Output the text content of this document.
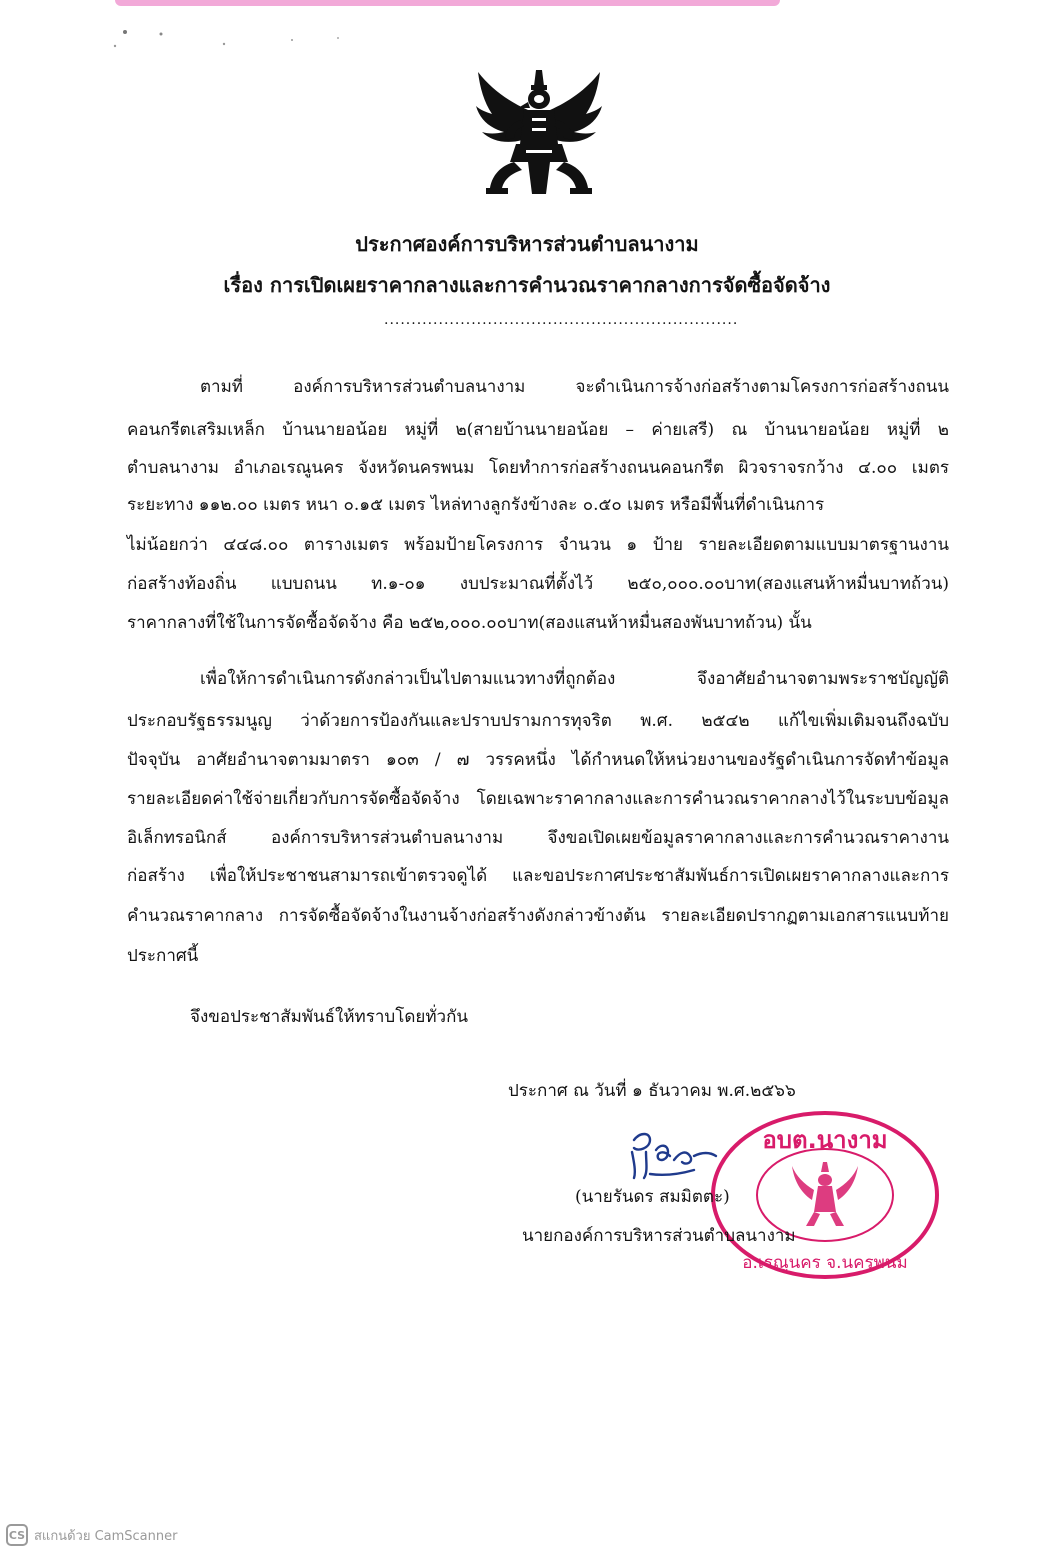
ประกาศองค์การบริหารส่วนตำบลนางาม
เรื่อง การเปิดเผยราคากลางและการคำนวณราคากลางการจัดซื้อจัดจ้าง
.................................................................
ตามที่ องค์การบริหารส่วนตำบลนางาม จะดำเนินการจ้างก่อสร้างตามโครงการก่อสร้างถนน
คอนกรีตเสริมเหล็ก บ้านนายอน้อย หมู่ที่ ๒(สายบ้านนายอน้อย – ค่ายเสรี) ณ บ้านนายอน้อย หมู่ที่ ๒
ตำบลนางาม อำเภอเรณูนคร จังหวัดนครพนม โดยทำการก่อสร้างถนนคอนกรีต ผิวจราจรกว้าง ๔.๐๐ เมตร
ระยะทาง ๑๑๒.๐๐ เมตร หนา ๐.๑๕ เมตร ไหล่ทางลูกรังข้างละ ๐.๕๐ เมตร หรือมีพื้นที่ดำเนินการ
ไม่น้อยกว่า ๔๔๘.๐๐ ตารางเมตร พร้อมป้ายโครงการ จำนวน ๑ ป้าย รายละเอียดตามแบบมาตรฐานงาน
ก่อสร้างท้องถิ่น แบบถนน ท.๑-๐๑ งบประมาณที่ตั้งไว้ ๒๕๐,๐๐๐.๐๐บาท(สองแสนห้าหมื่นบาทถ้วน)
ราคากลางที่ใช้ในการจัดซื้อจัดจ้าง คือ ๒๕๒,๐๐๐.๐๐บาท(สองแสนห้าหมื่นสองพันบาทถ้วน) นั้น
เพื่อให้การดำเนินการดังกล่าวเป็นไปตามแนวทางที่ถูกต้อง จึงอาศัยอำนาจตามพระราชบัญญัติ
ประกอบรัฐธรรมนูญ ว่าด้วยการป้องกันและปราบปรามการทุจริต พ.ศ. ๒๕๔๒ แก้ไขเพิ่มเติมจนถึงฉบับ
ปัจจุบัน อาศัยอำนาจตามมาตรา ๑๐๓ / ๗ วรรคหนึ่ง ได้กำหนดให้หน่วยงานของรัฐดำเนินการจัดทำข้อมูล
รายละเอียดค่าใช้จ่ายเกี่ยวกับการจัดซื้อจัดจ้าง โดยเฉพาะราคากลางและการคำนวณราคากลางไว้ในระบบข้อมูล
อิเล็กทรอนิกส์ องค์การบริหารส่วนตำบลนางาม จึงขอเปิดเผยข้อมูลราคากลางและการคำนวณราคางาน
ก่อสร้าง เพื่อให้ประชาชนสามารถเข้าตรวจดูได้ และขอประกาศประชาสัมพันธ์การเปิดเผยราคากลางและการ
คำนวณราคากลาง การจัดซื้อจัดจ้างในงานจ้างก่อสร้างดังกล่าวข้างต้น รายละเอียดปรากฏตามเอกสารแนบท้าย
ประกาศนี้
จึงขอประชาสัมพันธ์ให้ทราบโดยทั่วกัน
ประกาศ ณ วันที่ ๑ ธันวาคม พ.ศ.๒๕๖๖
อบต.นางาม
อ.เรณูนคร จ.นครพนม
(นายรันดร สมมิตตะ)
นายกองค์การบริหารส่วนตำบลนางาม
CS สแกนด้วย CamScanner
